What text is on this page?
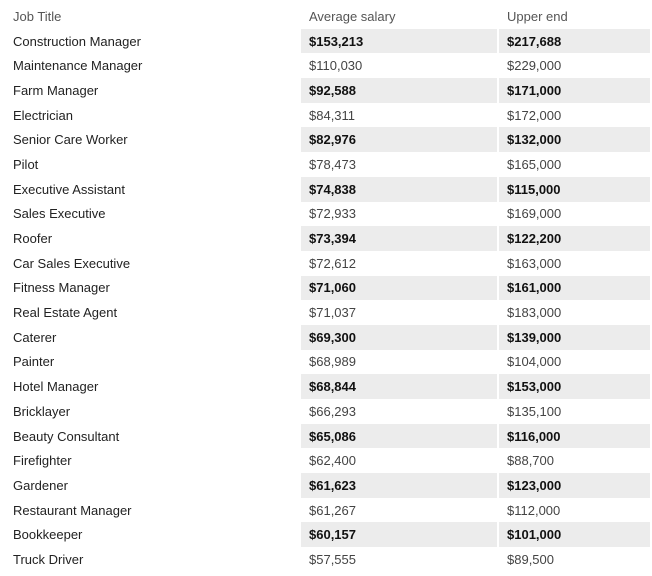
Job Title	Average salary	Upper end
Construction Manager	$153,213	$217,688
Maintenance Manager	$110,030	$229,000
Farm Manager	$92,588	$171,000
Electrician	$84,311	$172,000
Senior Care Worker	$82,976	$132,000
Pilot	$78,473	$165,000
Executive Assistant	$74,838	$115,000
Sales Executive	$72,933	$169,000
Roofer	$73,394	$122,200
Car Sales Executive	$72,612	$163,000
Fitness Manager	$71,060	$161,000
Real Estate Agent	$71,037	$183,000
Caterer	$69,300	$139,000
Painter	$68,989	$104,000
Hotel Manager	$68,844	$153,000
Bricklayer	$66,293	$135,100
Beauty Consultant	$65,086	$116,000
Firefighter	$62,400	$88,700
Gardener	$61,623	$123,000
Restaurant Manager	$61,267	$112,000
Bookkeeper	$60,157	$101,000
Truck Driver	$57,555	$89,500
